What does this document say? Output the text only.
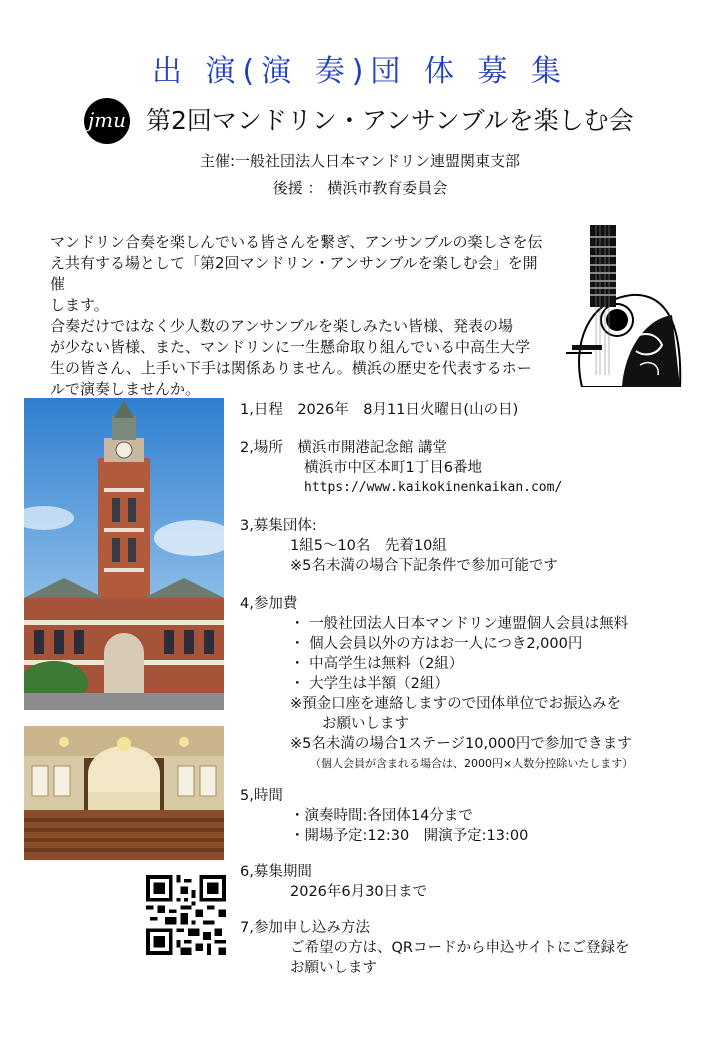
出 演(演 奏)団 体 募 集
jmu 第2回マンドリン・アンサンブルを楽しむ会
主催:一般社団法人日本マンドリン連盟関東支部
後援 ： 横浜市教育委員会

マンドリン合奏を楽しんでいる皆さんを繋ぎ、アンサンブルの楽しさを伝

え共有する場として「第2回マンドリン・アンサンブルを楽しむ会」を開催

します。

合奏だけではなく少人数のアンサンブルを楽しみたい皆様、発表の場

が少ない皆様、また、マンドリンに一生懸命取り組んでいる中高生大学

生の皆さん、上手い下手は関係ありません。横浜の歴史を代表するホー

ルで演奏しませんか。

1,日程　2026年　8月11日火曜日(山の日)
2,場所　横浜市開港記念館 講堂
横浜市中区本町1丁目6番地
https://www.kaikokinenkaikan.com/
3,募集団体:
1組5～10名　先着10組
※5名未満の場合下記条件で参加可能です
4,参加費
・ 一般社団法人日本マンドリン連盟個人会員は無料
・ 個人会員以外の方はお一人につき2,000円
・ 中高学生は無料（2組）
・ 大学生は半額（2組）
※預金口座を連絡しますので団体単位でお振込みを
お願いします
※5名未満の場合1ステージ10,000円で参加できます
（個人会員が含まれる場合は、2000円×人数分控除いたします）
5,時間
・演奏時間:各団体14分まで
・開場予定:12:30　開演予定:13:00
6,募集期間
2026年6月30日まで
7,参加申し込み方法
ご希望の方は、QRコードから申込サイトにご登録を
お願いします
